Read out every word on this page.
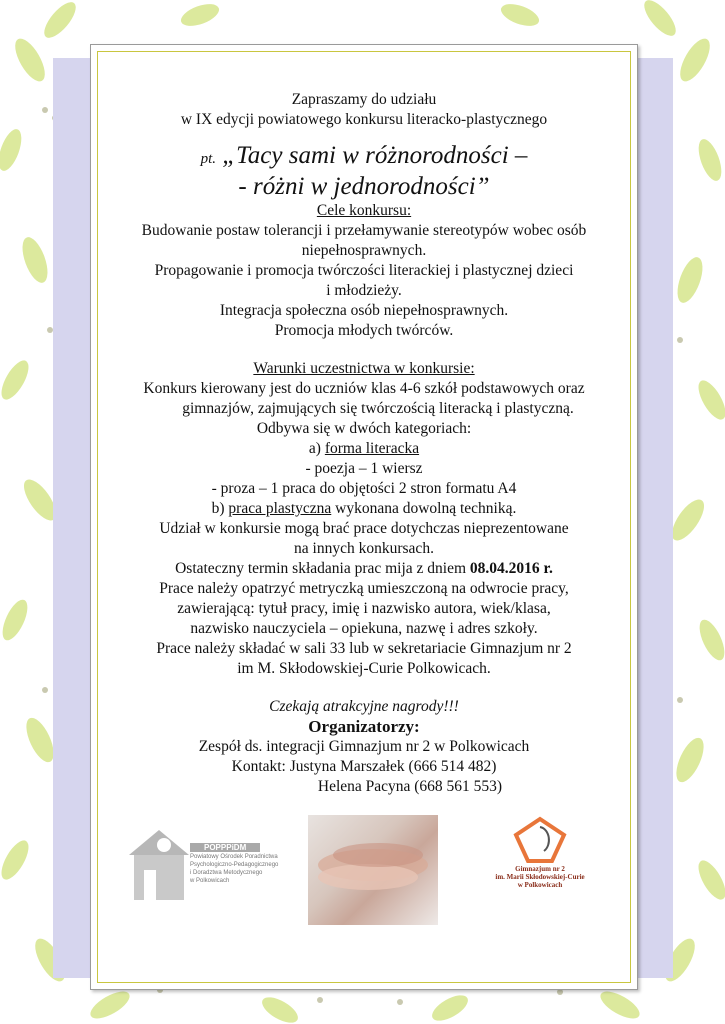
Zapraszamy do udziału

w IX edycji powiatowego konkursu literacko-plastycznego

pt. „Tacy sami w różnorodności –

- różni w jednorodności”

Cele konkursu:

Budowanie postaw tolerancji i przełamywanie stereotypów wobec osób

niepełnosprawnych.

Propagowanie i promocja twórczości literackiej i plastycznej dzieci

i młodzieży.

Integracja społeczna osób niepełnosprawnych.

Promocja młodych twórców.

Warunki uczestnictwa w konkursie:

Konkurs kierowany jest do uczniów klas 4-6 szkół podstawowych oraz

gimnazjów, zajmujących się twórczością literacką i plastyczną.

Odbywa się w dwóch kategoriach:

a) forma literacka

- poezja – 1 wiersz

- proza – 1 praca do objętości 2 stron formatu A4

b) praca plastyczna wykonana dowolną techniką.

Udział w konkursie mogą brać prace dotychczas nieprezentowane

na innych konkursach.

Ostateczny termin składania prac mija z dniem 08.04.2016 r.

Prace należy opatrzyć metryczką umieszczoną na odwrocie pracy,

zawierającą: tytuł pracy, imię i nazwisko autora, wiek/klasa,

nazwisko nauczyciela – opiekuna, nazwę i adres szkoły.

Prace należy składać w sali 33 lub w sekretariacie Gimnazjum nr 2

im M. Skłodowskiej-Curie Polkowicach.

Czekają atrakcyjne nagrody!!!

Organizatorzy:

Zespół ds. integracji Gimnazjum nr 2 w Polkowicach

Kontakt: Justyna Marszałek (666 514 482)

Helena Pacyna (668 561 553)

POPPPiDM
Powiatowy Ośrodek Poradnictwa
Psychologiczno-Pedagogicznego
i Doradztwa Metodycznego
w Polkowicach
Gimnazjum nr 2
im. Marii Skłodowskiej-Curie
w Polkowicach
